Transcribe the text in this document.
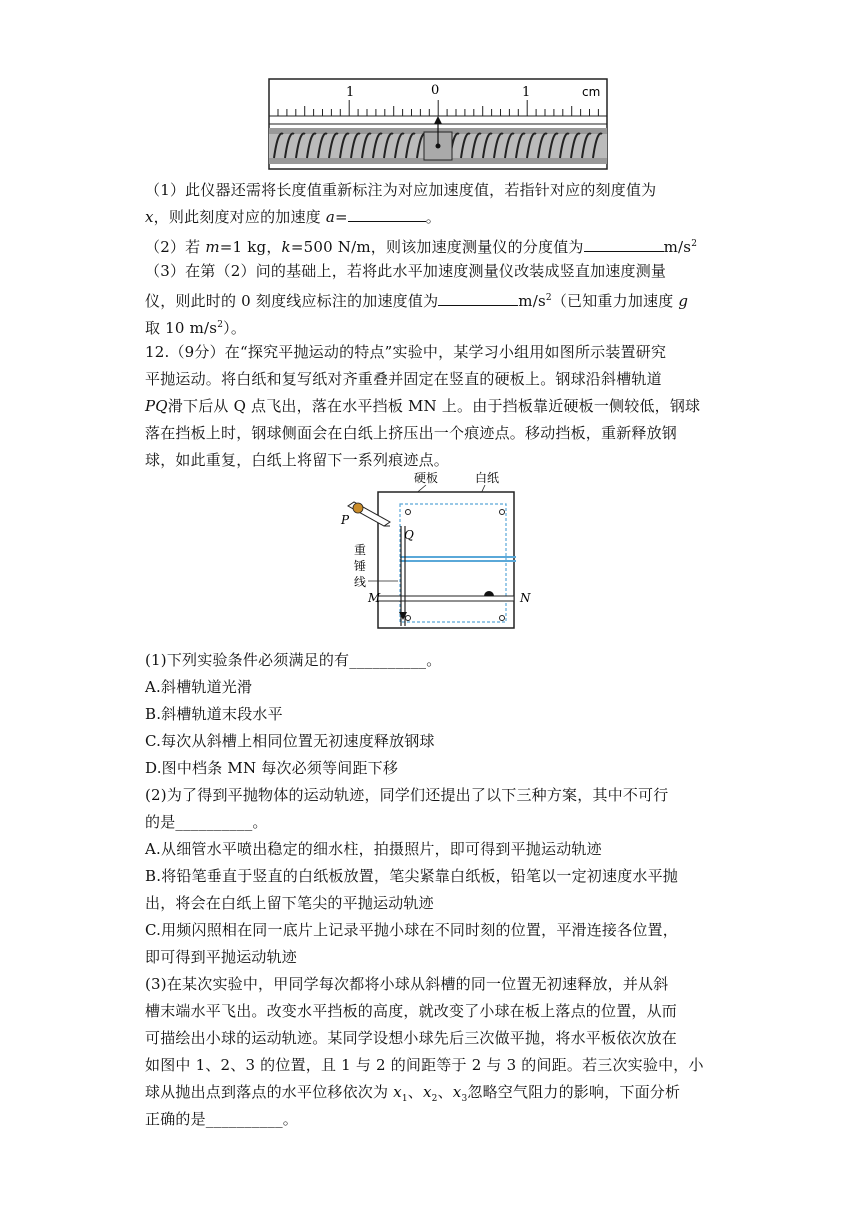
1	0	1	cm
（1）此仪器还需将长度值重新标注为对应加速度值，若指针对应的刻度值为
x，则此刻度对应的加速度 a=	。
（2）若 m=1 kg，k=500 N/m，则该加速度测量仪的分度值为	$m/s^2$
（3）在第（2）问的基础上，若将此水平加速度测量仪改装成竖直加速度测量
仪，则此时的 0 刻度线应标注的加速度值为	$m/s^2$（已知重力加速度 g
取 10 $m/s^2$）。
12.（9分）在“探究平抛运动的特点”实验中，某学习小组用如图所示装置研究
平抛运动。将白纸和复写纸对齐重叠并固定在竖直的硬板上。钢球沿斜槽轨道
PQ滑下后从 Q 点飞出，落在水平挡板 MN 上。由于挡板靠近硬板一侧较低，钢球
落在挡板上时，钢球侧面会在白纸上挤压出一个痕迹点。移动挡板，重新释放钢
球，如此重复，白纸上将留下一系列痕迹点。
硬板	白纸
P
Q
重
锤
线
M	N
(1)下列实验条件必须满足的有__________。
A.斜槽轨道光滑
B.斜槽轨道末段水平
C.每次从斜槽上相同位置无初速度释放钢球
D.图中档条 MN 每次必须等间距下移
(2)为了得到平抛物体的运动轨迹，同学们还提出了以下三种方案，其中不可行
的是__________。
A.从细管水平喷出稳定的细水柱，拍摄照片，即可得到平抛运动轨迹
B.将铅笔垂直于竖直的白纸板放置，笔尖紧靠白纸板，铅笔以一定初速度水平抛
出，将会在白纸上留下笔尖的平抛运动轨迹
C.用频闪照相在同一底片上记录平抛小球在不同时刻的位置，平滑连接各位置，
即可得到平抛运动轨迹
(3)在某次实验中，甲同学每次都将小球从斜槽的同一位置无初速释放，并从斜
槽末端水平飞出。改变水平挡板的高度，就改变了小球在板上落点的位置，从而
可描绘出小球的运动轨迹。某同学设想小球先后三次做平抛，将水平板依次放在
如图中 1、2、3 的位置，且 1 与 2 的间距等于 2 与 3 的间距。若三次实验中，小
球从抛出点到落点的水平位移依次为 $x_1$、$x_2$、$x_3$忽略空气阻力的影响，下面分析
正确的是__________。
